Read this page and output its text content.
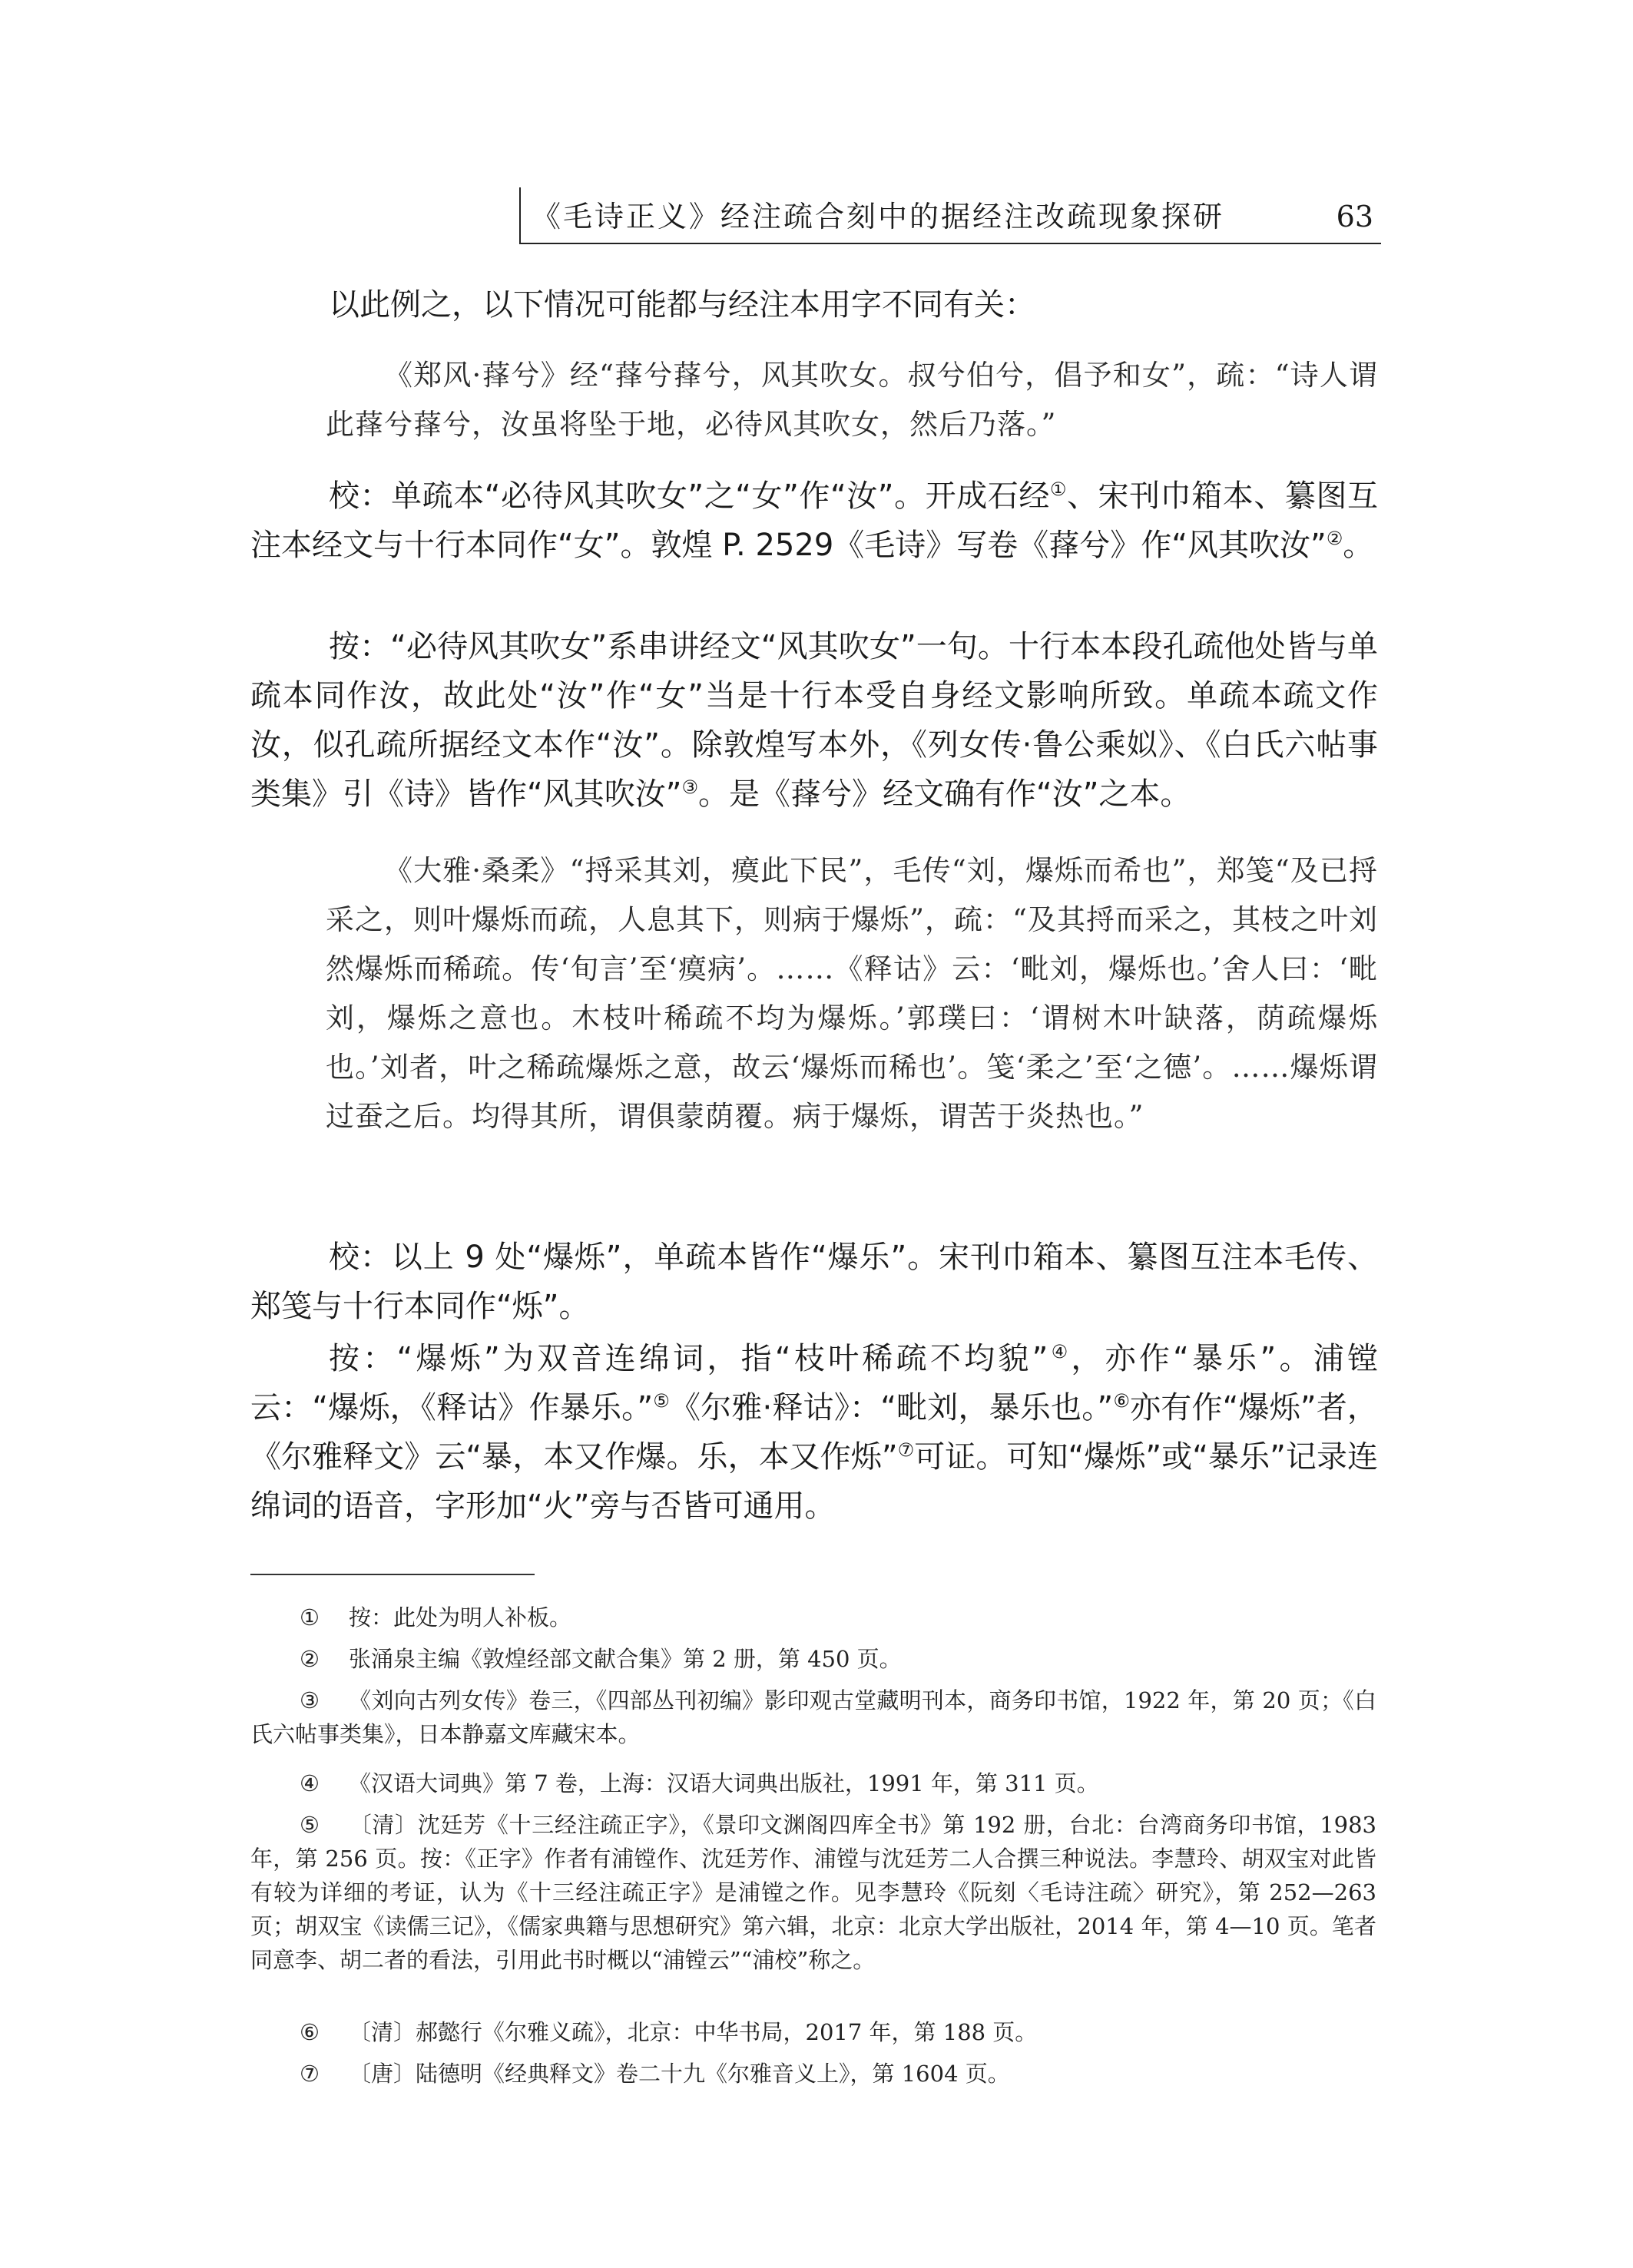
《毛诗正义》经注疏合刻中的据经注改疏现象探研	63

以此例之，以下情况可能都与经注本用字不同有关：

《郑风·萚兮》经“萚兮萚兮，风其吹女。叔兮伯兮，倡予和女”，疏：“诗人谓此萚兮萚兮，汝虽将坠于地，必待风其吹女，然后乃落。”

校：单疏本“必待风其吹女”之“女”作“汝”。开成石经①、宋刊巾箱本、纂图互注本经文与十行本同作“女”。敦煌 P. 2529《毛诗》写卷《萚兮》作“风其吹汝”②。

按：“必待风其吹女”系串讲经文“风其吹女”一句。十行本本段孔疏他处皆与单疏本同作汝，故此处“汝”作“女”当是十行本受自身经文影响所致。单疏本疏文作汝，似孔疏所据经文本作“汝”。除敦煌写本外，《列女传·鲁公乘姒》、《白氏六帖事类集》引《诗》皆作“风其吹汝”③。是《萚兮》经文确有作“汝”之本。

《大雅·桑柔》“捋采其刘，瘼此下民”，毛传“刘，爆烁而希也”，郑笺“及已捋采之，则叶爆烁而疏，人息其下，则病于爆烁”，疏：“及其捋而采之，其枝之叶刘然爆烁而稀疏。传‘旬言’至‘瘼病’。……《释诂》云：‘毗刘，爆烁也。’舍人曰：‘毗刘，爆烁之意也。木枝叶稀疏不均为爆烁。’郭璞曰：‘谓树木叶缺落，荫疏爆烁也。’刘者，叶之稀疏爆烁之意，故云‘爆烁而稀也’。笺‘柔之’至‘之德’。……爆烁谓过蚕之后。均得其所，谓俱蒙荫覆。病于爆烁，谓苦于炎热也。”

校：以上 9 处“爆烁”，单疏本皆作“爆乐”。宋刊巾箱本、纂图互注本毛传、郑笺与十行本同作“烁”。

按：“爆烁”为双音连绵词，指“枝叶稀疏不均貌”④，亦作“暴乐”。浦镗云：“爆烁，《释诂》作暴乐。”⑤《尔雅·释诂》：“毗刘，暴乐也。”⑥亦有作“爆烁”者，《尔雅释文》云“暴，本又作爆。乐，本又作烁”⑦可证。可知“爆烁”或“暴乐”记录连绵词的语音，字形加“火”旁与否皆可通用。

① 按：此处为明人补板。

② 张涌泉主编《敦煌经部文献合集》第 2 册，第 450 页。

③ 《刘向古列女传》卷三，《四部丛刊初编》影印观古堂藏明刊本，商务印书馆，1922 年，第 20 页；《白氏六帖事类集》，日本静嘉文库藏宋本。

④ 《汉语大词典》第 7 卷，上海：汉语大词典出版社，1991 年，第 311 页。

⑤ 〔清〕沈廷芳《十三经注疏正字》，《景印文渊阁四库全书》第 192 册，台北：台湾商务印书馆，1983 年，第 256 页。按：《正字》作者有浦镗作、沈廷芳作、浦镗与沈廷芳二人合撰三种说法。李慧玲、胡双宝对此皆有较为详细的考证，认为《十三经注疏正字》是浦镗之作。见李慧玲《阮刻〈毛诗注疏〉研究》，第 252—263 页；胡双宝《读儒三记》，《儒家典籍与思想研究》第六辑，北京：北京大学出版社，2014 年，第 4—10 页。笔者同意李、胡二者的看法，引用此书时概以“浦镗云”“浦校”称之。

⑥ 〔清〕郝懿行《尔雅义疏》，北京：中华书局，2017 年，第 188 页。

⑦ 〔唐〕陆德明《经典释文》卷二十九《尔雅音义上》，第 1604 页。
